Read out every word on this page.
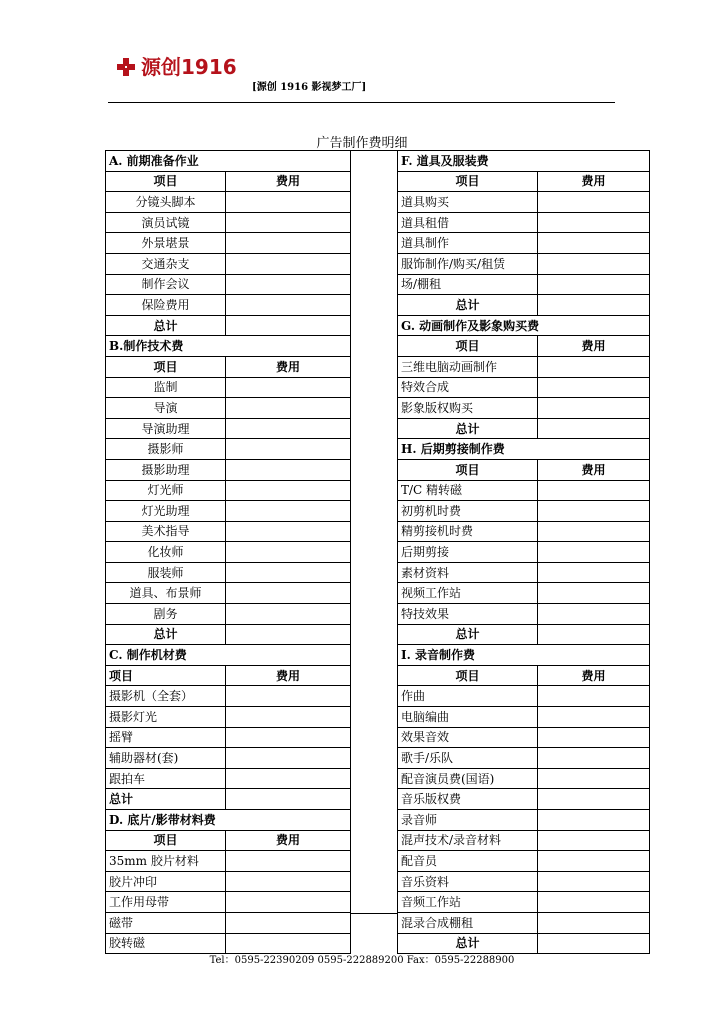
源创1916
[源创 1916 影视梦工厂]
广告制作费明细
A. 前期准备作业	
项目	费用
分镜头脚本	
演员试镜	
外景堪景	
交通杂支	
制作会议	
保险费用	
总计	
B.制作技术费	
项目	费用
监制	
导演	
导演助理	
摄影师	
摄影助理	
灯光师	
灯光助理	
美术指导	
化妆师	
服装师	
道具、布景师	
剧务	
总计	
C. 制作机材费	
项目	费用
摄影机（全套）	
摄影灯光	
摇臂	
辅助器材(套)	
跟拍车	
总计	
D. 底片/影带材料费	
项目	费用
35mm 胶片材料	
胶片冲印	
工作用母带	
磁带	
胶转磁	
F. 道具及服装费	
项目	费用
道具购买	
道具租借	
道具制作	
服饰制作/购买/租赁	
场/棚租	
总计	
G. 动画制作及影象购买费	
项目	费用
三维电脑动画制作	
特效合成	
影象版权购买	
总计	
H. 后期剪接制作费	
项目	费用
T/C 精转磁	
初剪机时费	
精剪接机时费	
后期剪接	
素材资料	
视频工作站	
特技效果	
总计	
I. 录音制作费	
项目	费用
作曲	
电脑编曲	
效果音效	
歌手/乐队	
配音演员费(国语)	
音乐版权费	
录音师	
混声技术/录音材料	
配音员	
音乐资料	
音频工作站	
混录合成棚租	
总计	
Tel：0595-22390209 0595-222889200 Fax：0595-22288900
